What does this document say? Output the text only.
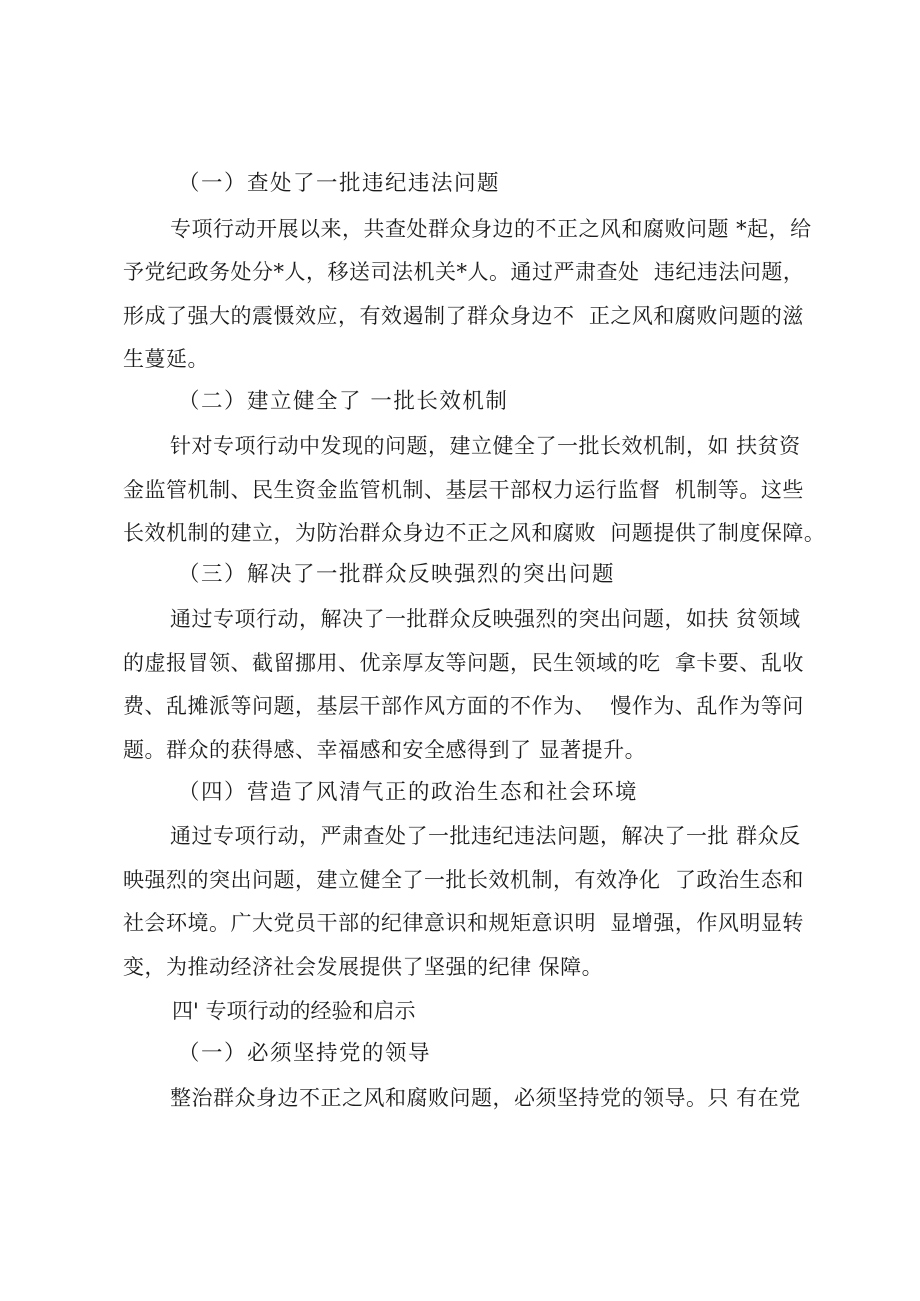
（一）查处了一批违纪违法问题
专项行动开展以来，共查处群众身边的不正之风和腐败问题 *起，给
予党纪政务处分*人，移送司法机关*人。通过严肃查处  违纪违法问题，
形成了强大的震慑效应，有效遏制了群众身边不  正之风和腐败问题的滋
生蔓延。
（二）建立健全了 一批长效机制
针对专项行动中发现的问题，建立健全了一批长效机制，如 扶贫资
金监管机制、民生资金监管机制、基层干部权力运行监督  机制等。这些
长效机制的建立，为防治群众身边不正之风和腐败  问题提供了制度保障。
（三）解决了一批群众反映强烈的突出问题
通过专项行动，解决了一批群众反映强烈的突出问题，如扶 贫领域
的虚报冒领、截留挪用、优亲厚友等问题，民生领域的吃  拿卡要、乱收
费、乱摊派等问题，基层干部作风方面的不作为、  慢作为、乱作为等问
题。群众的获得感、幸福感和安全感得到了 显著提升。
（四）营造了风清气正的政治生态和社会环境
通过专项行动，严肃查处了一批违纪违法问题，解决了一批 群众反
映强烈的突出问题，建立健全了一批长效机制，有效净化  了政治生态和
社会环境。广大党员干部的纪律意识和规矩意识明  显增强，作风明显转
变，为推动经济社会发展提供了坚强的纪律 保障。
四' 专项行动的经验和启示
（一）必须坚持党的领导
整治群众身边不正之风和腐败问题，必须坚持党的领导。只 有在党
